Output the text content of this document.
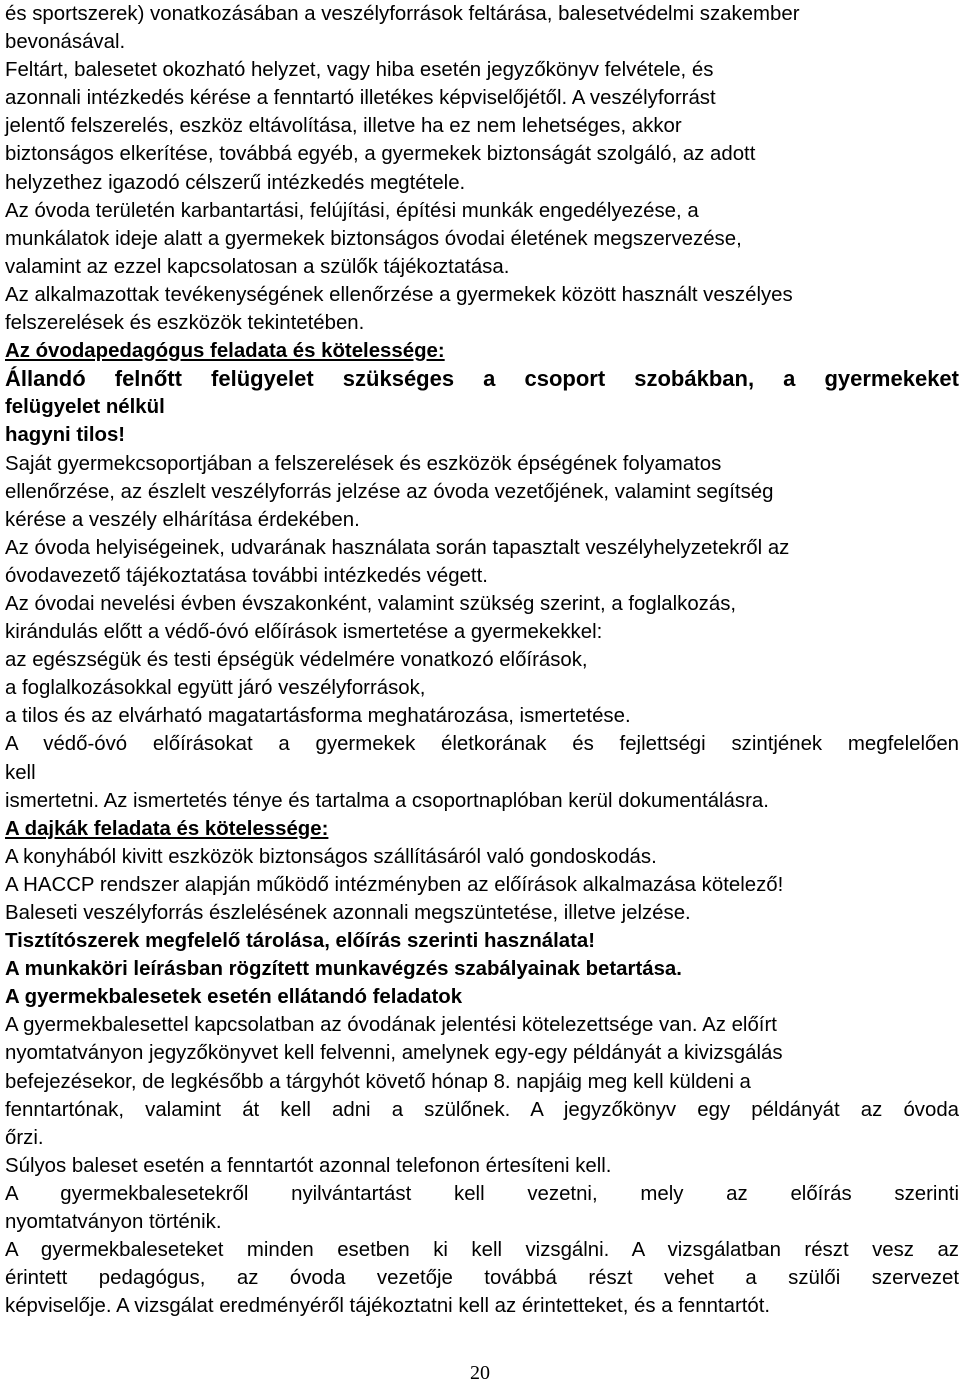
és sportszerek) vonatkozásában a veszélyforrások feltárása, balesetvédelmi szakember
bevonásával.
Feltárt, balesetet okozható helyzet, vagy hiba esetén jegyzőkönyv felvétele, és
azonnali intézkedés kérése a fenntartó illetékes képviselőjétől. A veszélyforrást
jelentő felszerelés, eszköz eltávolítása, illetve ha ez nem lehetséges, akkor
biztonságos elkerítése, továbbá egyéb, a gyermekek biztonságát szolgáló, az adott
helyzethez igazodó célszerű intézkedés megtétele.
Az óvoda területén karbantartási, felújítási, építési munkák engedélyezése, a
munkálatok ideje alatt a gyermekek biztonságos óvodai életének megszervezése,
valamint az ezzel kapcsolatosan a szülők tájékoztatása.
Az alkalmazottak tevékenységének ellenőrzése a gyermekek között használt veszélyes
felszerelések és eszközök tekintetében.
Az óvodapedagógus feladata és kötelessége:
Állandó felnőtt felügyelet szükséges a csoport szobákban, a gyermekeket
felügyelet nélkül
hagyni tilos!
Saját gyermekcsoportjában a felszerelések és eszközök épségének folyamatos
ellenőrzése, az észlelt veszélyforrás jelzése az óvoda vezetőjének, valamint segítség
kérése a veszély elhárítása érdekében.
Az óvoda helyiségeinek, udvarának használata során tapasztalt veszélyhelyzetekről az
óvodavezető tájékoztatása további intézkedés végett.
Az óvodai nevelési évben évszakonként, valamint szükség szerint, a foglalkozás,
kirándulás előtt a védő-óvó előírások ismertetése a gyermekekkel:
az egészségük és testi épségük védelmére vonatkozó előírások,
a foglalkozásokkal együtt járó veszélyforrások,
a tilos és az elvárható magatartásforma meghatározása, ismertetése.
A védő-óvó előírásokat a gyermekek életkorának és fejlettségi szintjének megfelelően
kell
ismertetni. Az ismertetés ténye és tartalma a csoportnaplóban kerül dokumentálásra.
A dajkák feladata és kötelessége:
A konyhából kivitt eszközök biztonságos szállításáról való gondoskodás.
A HACCP rendszer alapján működő intézményben az előírások alkalmazása kötelező!
Baleseti veszélyforrás észlelésének azonnali megszüntetése, illetve jelzése.
Tisztítószerek megfelelő tárolása, előírás szerinti használata!
A munkaköri leírásban rögzített munkavégzés szabályainak betartása.
A gyermekbalesetek esetén ellátandó feladatok
A gyermekbalesettel kapcsolatban az óvodának jelentési kötelezettsége van. Az előírt
nyomtatványon jegyzőkönyvet kell felvenni, amelynek egy-egy példányát a kivizsgálás
befejezésekor, de legkésőbb a tárgyhót követő hónap 8. napjáig meg kell küldeni a
fenntartónak, valamint át kell adni a szülőnek. A jegyzőkönyv egy példányát az óvoda
őrzi.
Súlyos baleset esetén a fenntartót azonnal telefonon értesíteni kell.
A gyermekbalesetekről nyilvántartást kell vezetni, mely az előírás szerinti
nyomtatványon történik.
A gyermekbaleseteket minden esetben ki kell vizsgálni. A vizsgálatban részt vesz az
érintett pedagógus, az óvoda vezetője továbbá részt vehet a szülői szervezet
képviselője. A vizsgálat eredményéről tájékoztatni kell az érintetteket, és a fenntartót.
20
